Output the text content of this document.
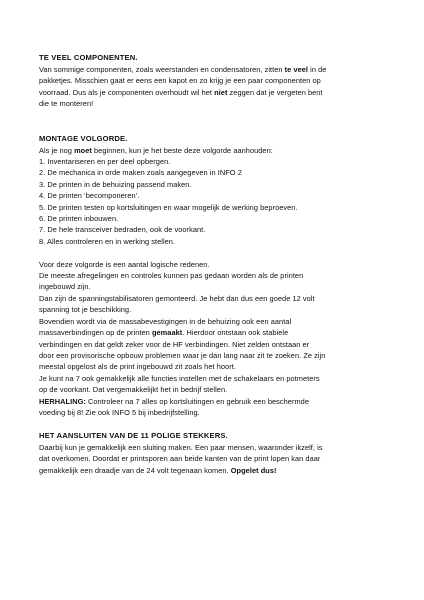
TE VEEL COMPONENTEN.

Van sommige componenten, zoals weerstanden en condensatoren, zitten te veel in de

pakketjes. Misschien gaat er eens een kapot en zo krijg je een paar componenten op

voorraad. Dus als je componenten overhoudt wil het niet zeggen dat je vergeten bent

die te monteren!

MONTAGE VOLGORDE.

Als je nog moet beginnen, kun je het beste deze volgorde aanhouden:

1. Inventariseren en per deel opbergen.

2. De mechanica in orde maken zoals aangegeven in INFO 2

3. De printen in de behuizing passend maken.

4. De printen ‘becomponeren’.

5. De printen testen op kortsluitingen en waar mogelijk de werking beproeven.

6. De printen inbouwen.

7. De hele transceiver bedraden, ook de voorkant.

8. Alles controleren en in werking stellen.

Voor deze volgorde is een aantal logische redenen.

De meeste afregelingen en controles kunnen pas gedaan worden als de printen

ingebouwd zijn.

Dan zijn de spanningstabilisatoren gemonteerd. Je hebt dan dus een goede 12 volt

spanning tot je beschikking.

Bovendien wordt via de massabevestigingen in de behuizing ook een aantal

massaverbindingen op de printen gemaakt. Hierdoor ontstaan ook stabiele

verbindingen en dat geldt zeker voor de HF verbindingen. Niet zelden ontstaan er

door een provisorische opbouw problemen waar je dan lang naar zit te zoeken. Ze zijn

meestal opgelost als de print ingebouwd zit zoals het hoort.

Je kunt na 7 ook gemakkelijk alle functies instellen met de schakelaars en potmeters

op de voorkant. Dat vergemakkelijkt het in bedrijf stellen.

HERHALING: Controleer na 7 alles op kortsluitingen en gebruik een beschermde

voeding bij 8! Zie ook INFO 5 bij inbedrijfstelling.

HET AANSLUITEN VAN DE 11 POLIGE STEKKERS.

Daarbij kun je gemakkelijk een sluiting maken. Een paar mensen, waaronder ikzelf, is

dat overkomen. Doordat er printsporen aan beide kanten van de print lopen kan daar

gemakkelijk een draadje van de 24 volt tegenaan komen. Opgelet dus!
